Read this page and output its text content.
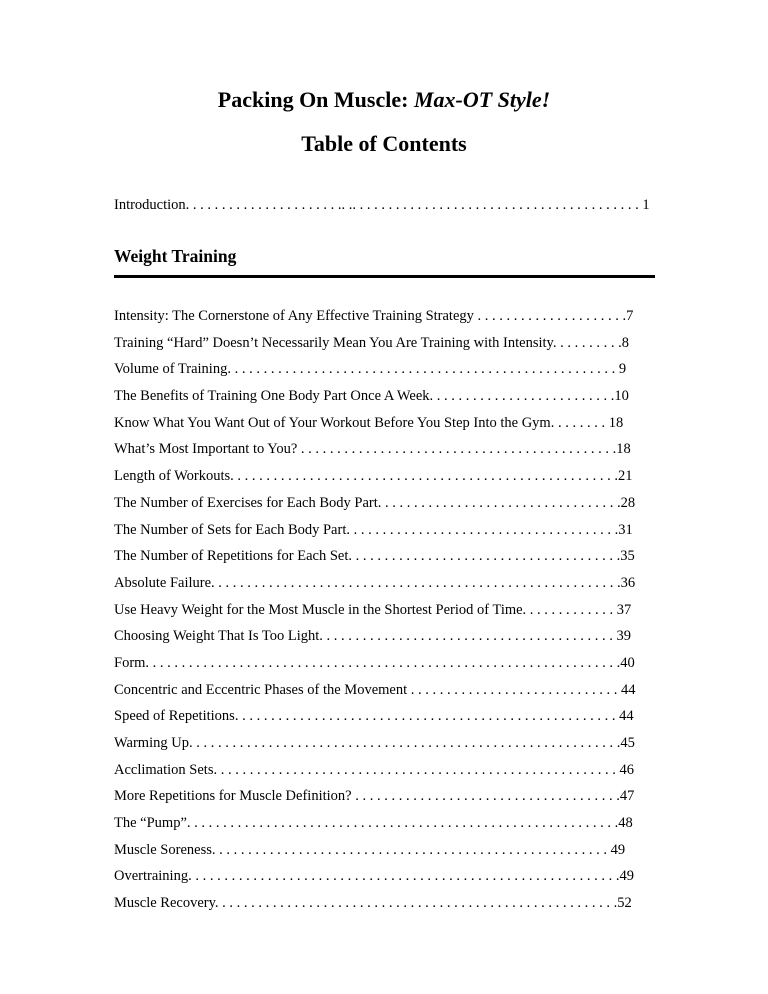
Packing On Muscle: Max-OT Style!
Table of Contents
Introduction. . . . . . . . . . . . . . . . . . . . . .. .. . . . . . . . . . . . . . . . . . . . . . . . . . . . . . . . . . . . . . . . 1
Weight Training
Intensity: The Cornerstone of Any Effective Training Strategy . . . . . . . . . . . . . . . . . . . . .7
Training “Hard” Doesn’t Necessarily Mean You Are Training with Intensity. . . . . . . . . .8
Volume of Training. . . . . . . . . . . . . . . . . . . . . . . . . . . . . . . . . . . . . . . . . . . . . . . . . . . . . . 9
The Benefits of Training One Body Part Once A Week. . . . . . . . . . . . . . . . . . . . . . . . . .10
Know What You Want Out of Your Workout Before You Step Into the Gym. . . . . . . . 18
What’s Most Important to You? . . . . . . . . . . . . . . . . . . . . . . . . . . . . . . . . . . . . . . . . . . . .18
Length of Workouts. . . . . . . . . . . . . . . . . . . . . . . . . . . . . . . . . . . . . . . . . . . . . . . . . . . . . .21
The Number of Exercises for Each Body Part. . . . . . . . . . . . . . . . . . . . . . . . . . . . . . . . . .28
The Number of Sets for Each Body Part. . . . . . . . . . . . . . . . . . . . . . . . . . . . . . . . . . . . . .31
The Number of Repetitions for Each Set. . . . . . . . . . . . . . . . . . . . . . . . . . . . . . . . . . . . . .35
Absolute Failure. . . . . . . . . . . . . . . . . . . . . . . . . . . . . . . . . . . . . . . . . . . . . . . . . . . . . . . . .36
Use Heavy Weight for the Most Muscle in the Shortest Period of Time. . . . . . . . . . . . . 37
Choosing Weight That Is Too Light. . . . . . . . . . . . . . . . . . . . . . . . . . . . . . . . . . . . . . . . . 39
Form. . . . . . . . . . . . . . . . . . . . . . . . . . . . . . . . . . . . . . . . . . . . . . . . . . . . . . . . . . . . . . . . . .40
Concentric and Eccentric Phases of the Movement . . . . . . . . . . . . . . . . . . . . . . . . . . . . . 44
Speed of Repetitions. . . . . . . . . . . . . . . . . . . . . . . . . . . . . . . . . . . . . . . . . . . . . . . . . . . . . 44
Warming Up. . . . . . . . . . . . . . . . . . . . . . . . . . . . . . . . . . . . . . . . . . . . . . . . . . . . . . . . . . . .45
Acclimation Sets. . . . . . . . . . . . . . . . . . . . . . . . . . . . . . . . . . . . . . . . . . . . . . . . . . . . . . . . 46
More Repetitions for Muscle Definition? . . . . . . . . . . . . . . . . . . . . . . . . . . . . . . . . . . . . .47
The “Pump”. . . . . . . . . . . . . . . . . . . . . . . . . . . . . . . . . . . . . . . . . . . . . . . . . . . . . . . . . . . .48
Muscle Soreness. . . . . . . . . . . . . . . . . . . . . . . . . . . . . . . . . . . . . . . . . . . . . . . . . . . . . . . 49
Overtraining. . . . . . . . . . . . . . . . . . . . . . . . . . . . . . . . . . . . . . . . . . . . . . . . . . . . . . . . . . . .49
Muscle Recovery. . . . . . . . . . . . . . . . . . . . . . . . . . . . . . . . . . . . . . . . . . . . . . . . . . . . . . . .52
